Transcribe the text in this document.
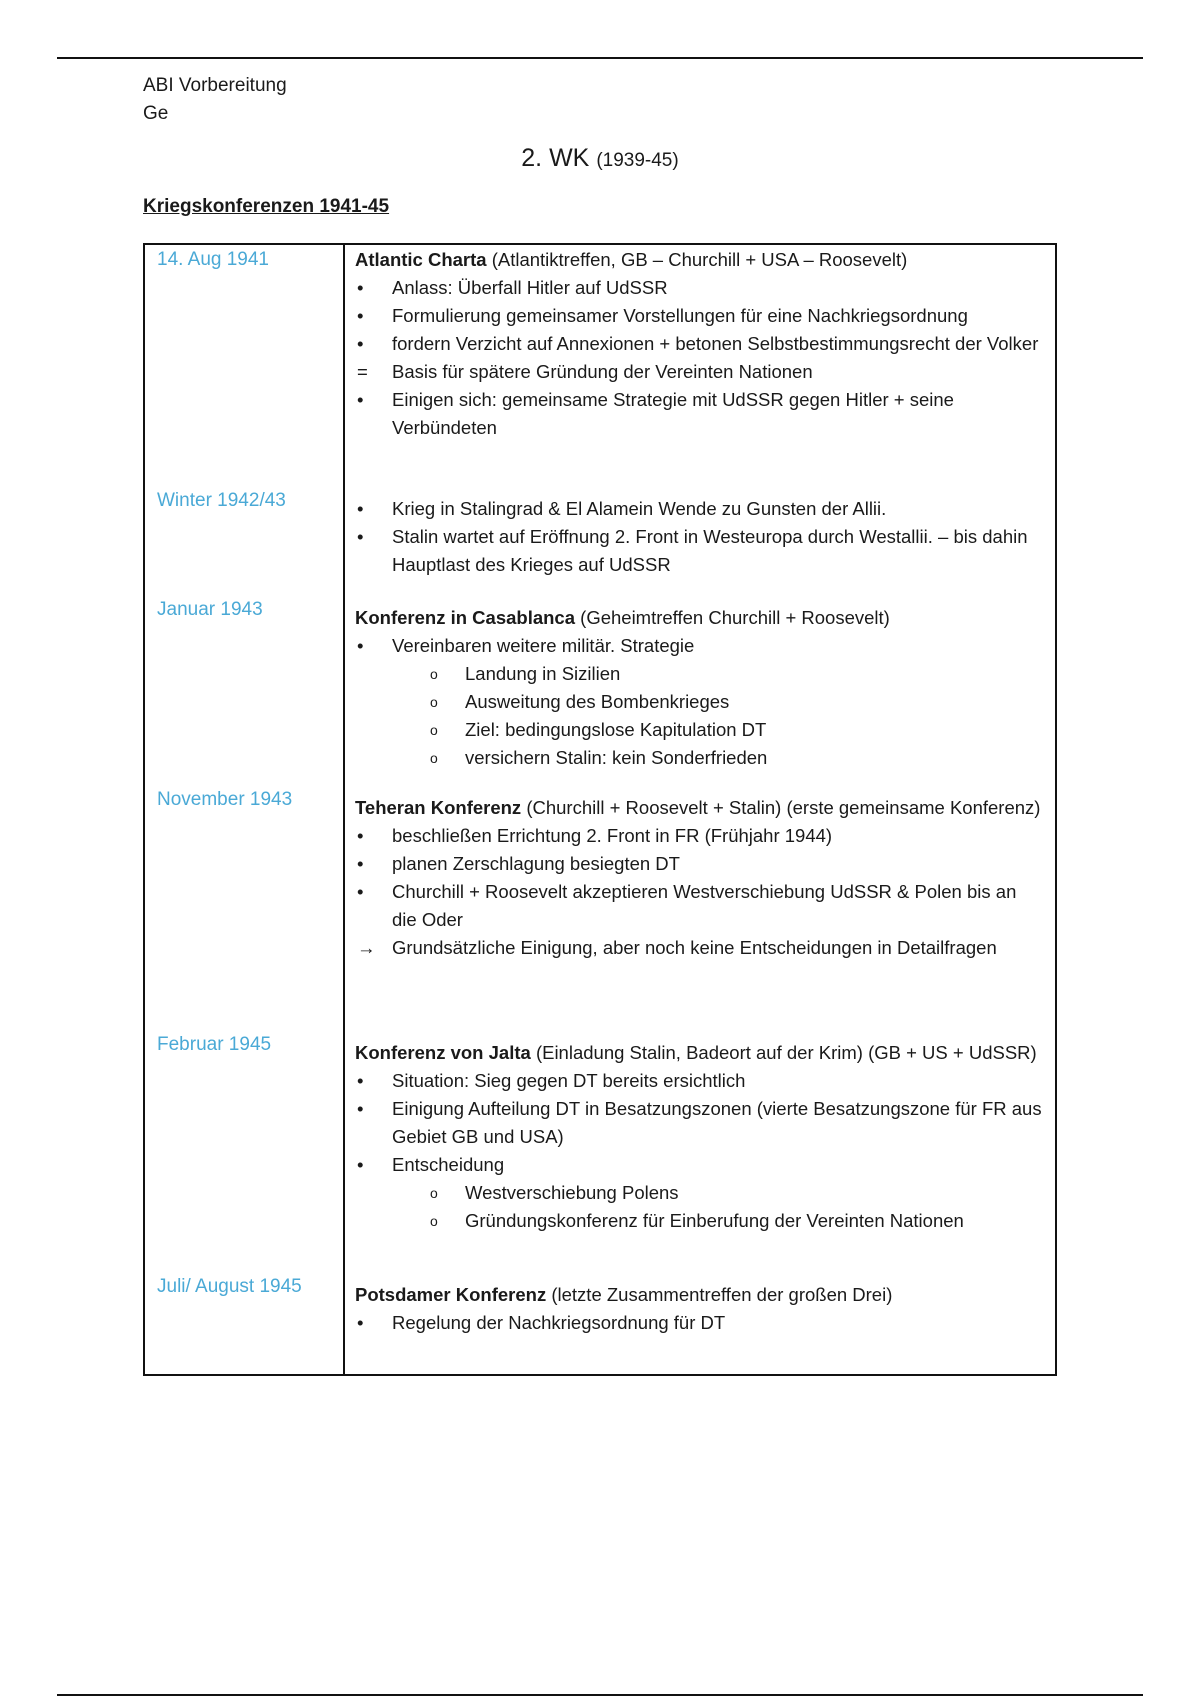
ABI Vorbereitung
Ge
2. WK (1939-45)
Kriegskonferenzen 1941-45
14. Aug 1941	Atlantic Charta (Atlantiktreffen, GB – Churchill + USA – Roosevelt)
•	Anlass: Überfall Hitler auf UdSSR
•	Formulierung gemeinsamer Vorstellungen für eine Nachkriegsordnung
•	fordern Verzicht auf Annexionen + betonen Selbstbestimmungsrecht der Volker
=	Basis für spätere Gründung der Vereinten Nationen
•	Einigen sich: gemeinsame Strategie mit UdSSR gegen Hitler + seine Verbündeten
Winter 1942/43	•	Krieg in Stalingrad & El Alamein Wende zu Gunsten der Allii.
•	Stalin wartet auf Eröffnung 2. Front in Westeuropa durch Westallii. – bis dahin Hauptlast des Krieges auf UdSSR
Januar 1943	Konferenz in Casablanca (Geheimtreffen Churchill + Roosevelt)
•	Vereinbaren weitere militär. Strategie
o	Landung in Sizilien
o	Ausweitung des Bombenkrieges
o	Ziel: bedingungslose Kapitulation DT
o	versichern Stalin: kein Sonderfrieden
November 1943	Teheran Konferenz (Churchill + Roosevelt + Stalin) (erste gemeinsame Konferenz)
•	beschließen Errichtung 2. Front in FR (Frühjahr 1944)
•	planen Zerschlagung besiegten DT
•	Churchill + Roosevelt akzeptieren Westverschiebung UdSSR & Polen bis an die Oder
→ Grundsätzliche Einigung, aber noch keine Entscheidungen in Detailfragen
Februar 1945	Konferenz von Jalta (Einladung Stalin, Badeort auf der Krim) (GB + US + UdSSR)
•	Situation: Sieg gegen DT bereits ersichtlich
•	Einigung Aufteilung DT in Besatzungszonen (vierte Besatzungszone für FR aus Gebiet GB und USA)
•	Entscheidung
o	Westverschiebung Polens
o	Gründungskonferenz für Einberufung der Vereinten Nationen
Juli/ August 1945	Potsdamer Konferenz (letzte Zusammentreffen der großen Drei)
•	Regelung der Nachkriegsordnung für DT
